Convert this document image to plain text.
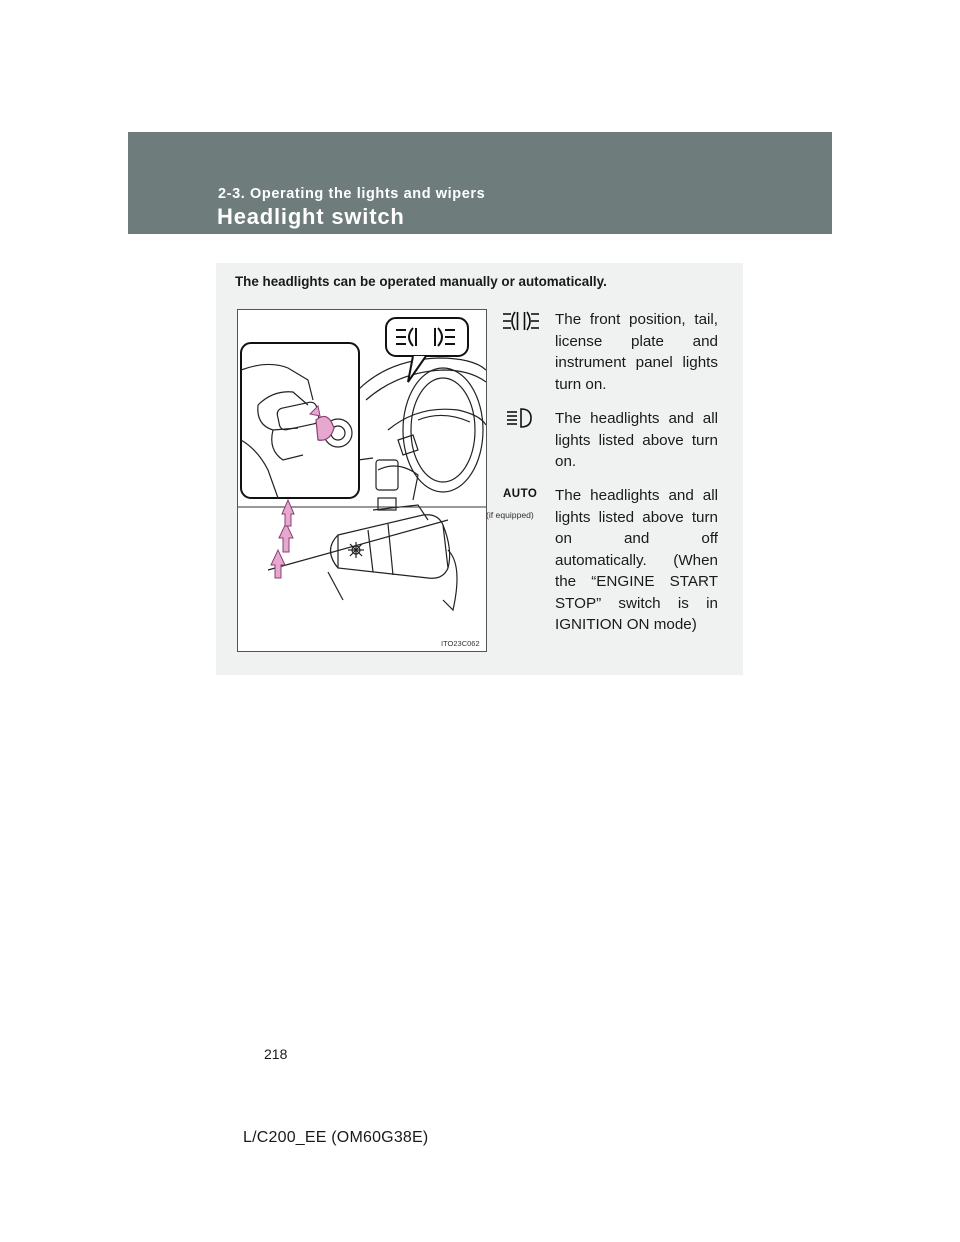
2-3. Operating the lights and wipers
Headlight switch
The headlights can be operated manually or automatically.
ITO23C062
The front position, tail, license plate and instrument panel lights turn on.
The headlights and all lights listed above turn on.
AUTO
(if equipped)
The headlights and all lights listed above turn on and off automatically. (When the “ENGINE START STOP” switch is in IGNITION ON mode)
218
L/C200_EE (OM60G38E)
